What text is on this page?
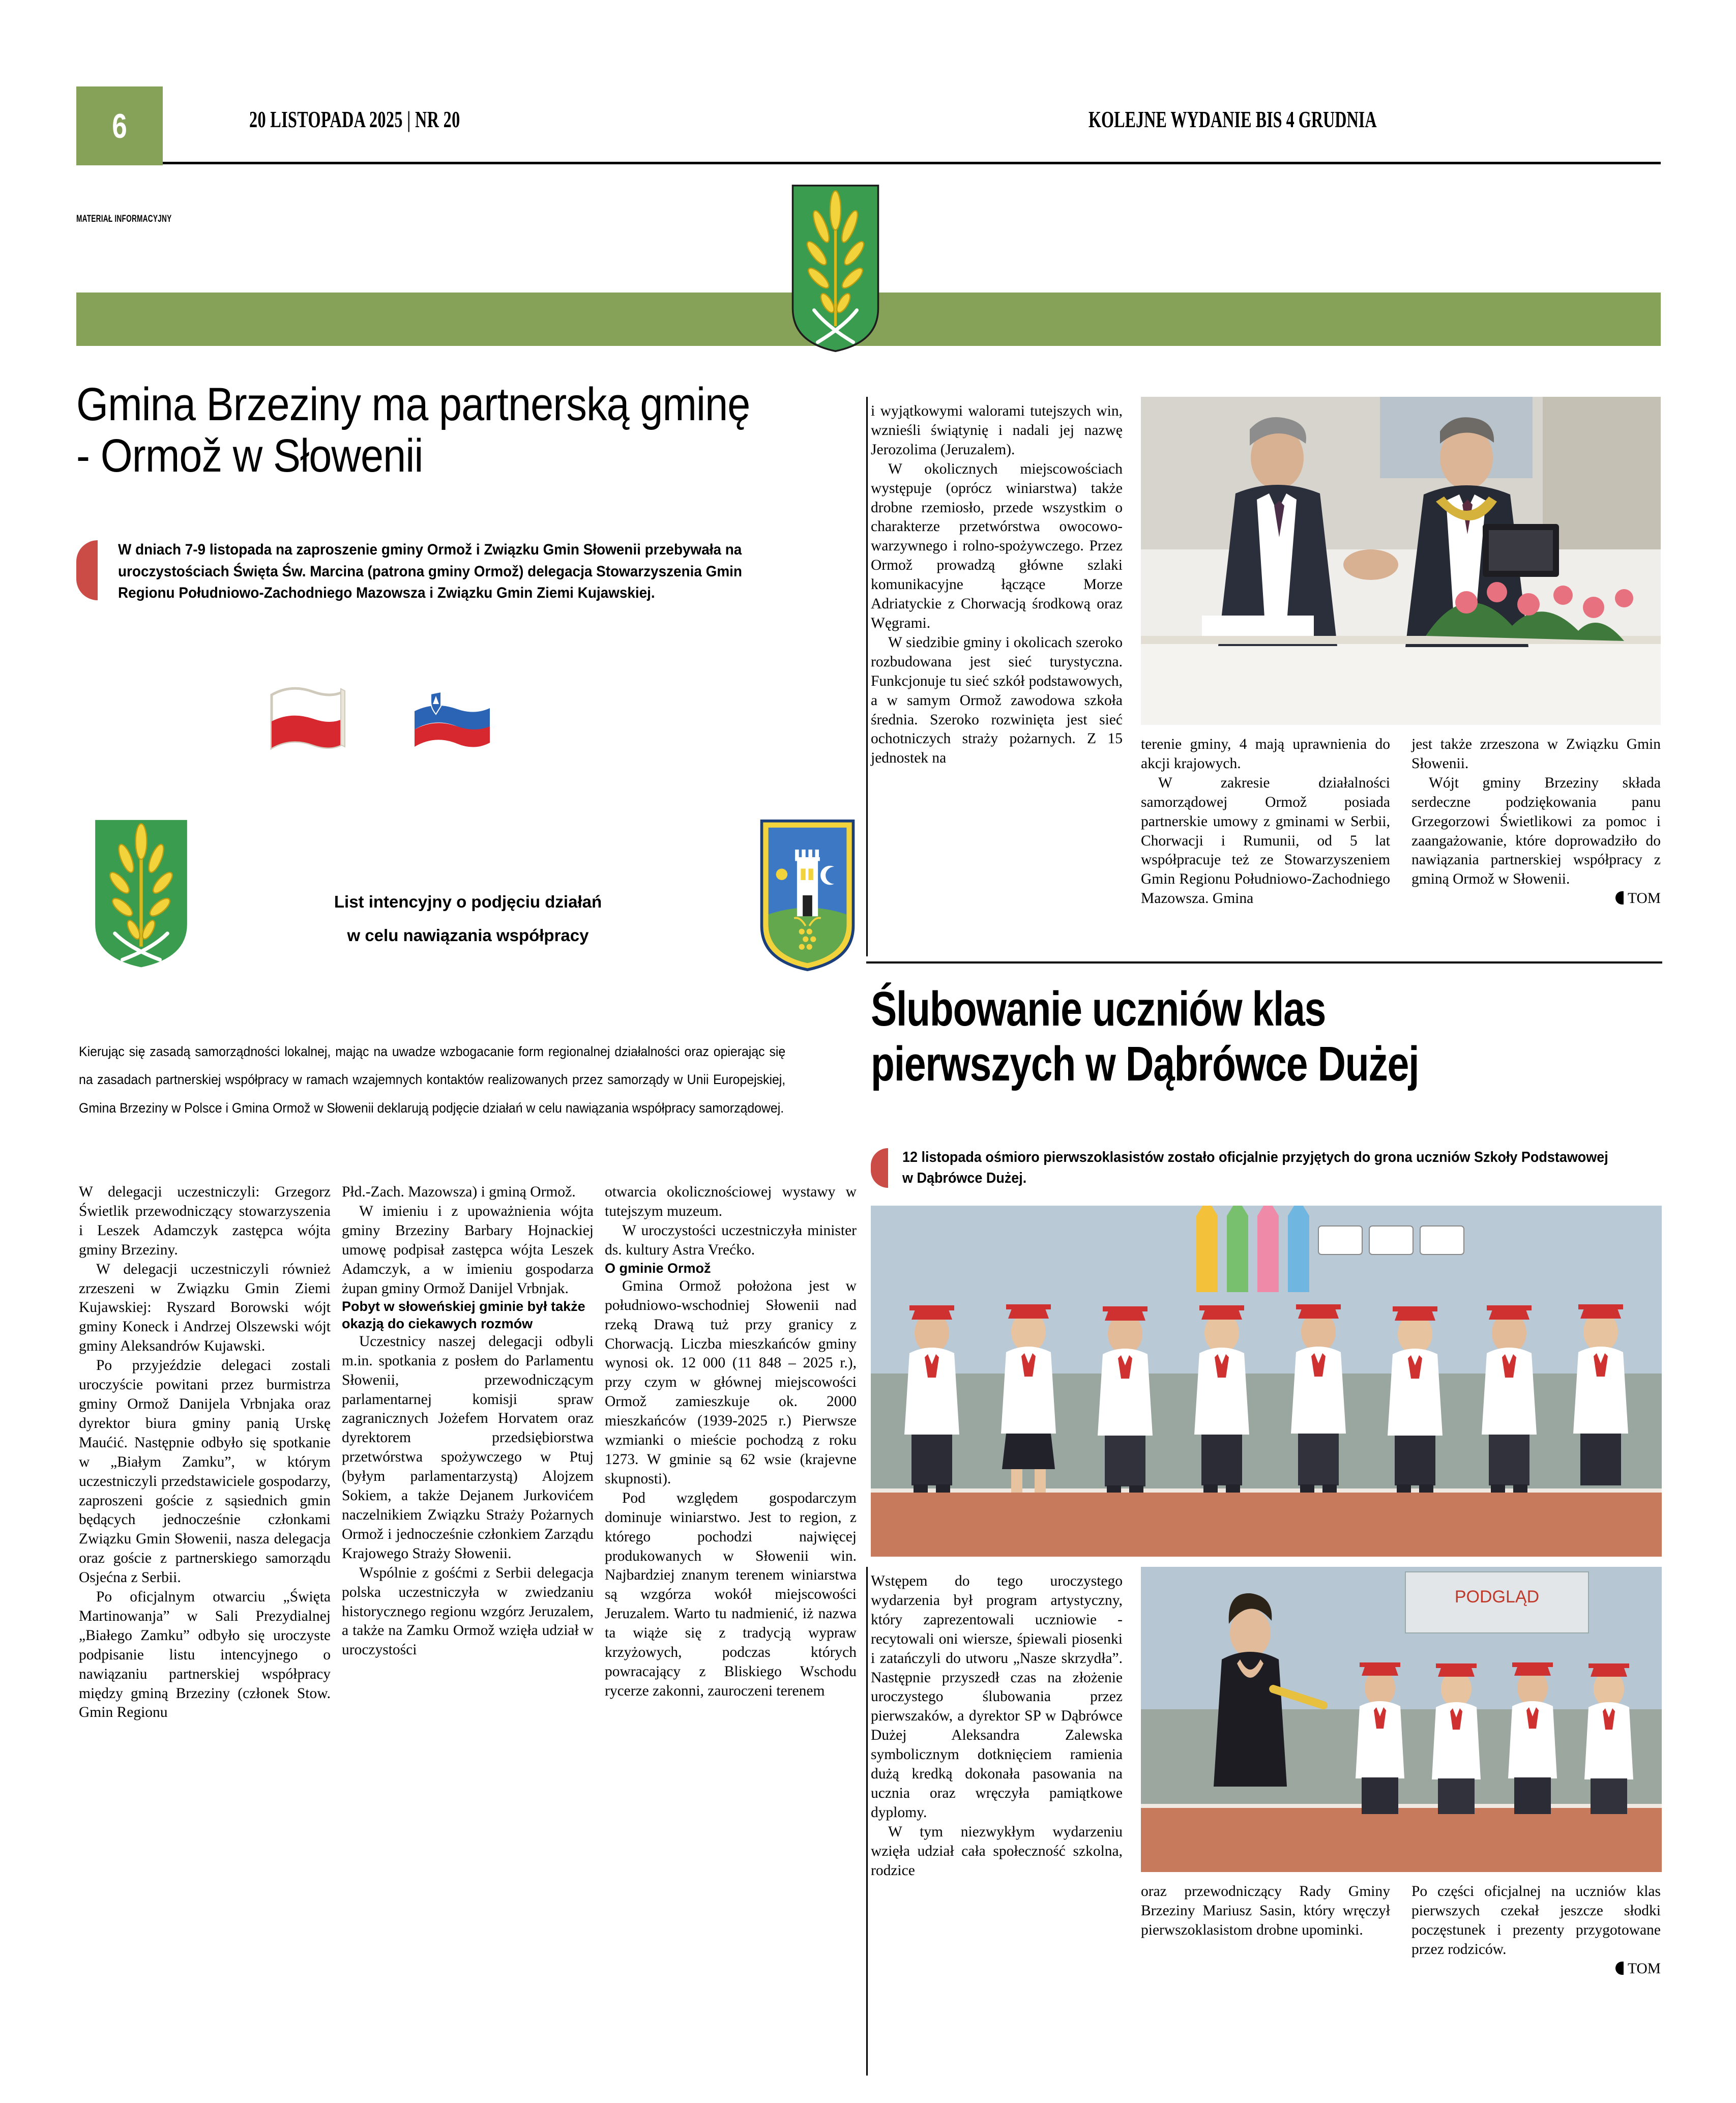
6	20 LISTOPADA 2025 | NR 20	KOLEJNE WYDANIE BIS 4 GRUDNIA
MATERIAŁ INFORMACYJNY
GMINA	BRZEZINY
Gmina Brzeziny ma partnerską gminę
- Ormož w Słowenii
W dniach 7-9 listopada na zaproszenie gminy Ormož i Związku Gmin Słowenii przebywała na uroczystościach Święta Św. Marcina (patrona gminy Ormož) delegacja Stowarzyszenia Gmin Regionu Południowo-Zachodniego Mazowsza i Związku Gmin Ziemi Kujawskiej.
List intencyjny o podjęciu działań
w celu nawiązania współpracy
Kierując się zasadą samorządności lokalnej, mając na uwadze wzbogacanie form regionalnej działalności oraz opierając się na zasadach partnerskiej współpracy w ramach wzajemnych kontaktów realizowanych przez samorządy w Unii Europejskiej, Gmina Brzeziny w Polsce i Gmina Ormož w Słowenii deklarują podjęcie działań w celu nawiązania współpracy samorządowej.

W delegacji uczestniczyli: Grzegorz Świetlik przewodniczący stowarzyszenia i Leszek Adamczyk zastępca wójta gminy Brzeziny.

W delegacji uczestniczyli również zrzeszeni w Związku Gmin Ziemi Kujawskiej: Ryszard Borowski wójt gminy Koneck i Andrzej Olszewski wójt gminy Aleksandrów Kujawski.

Po przyjeździe delegaci zostali uroczyście powitani przez burmistrza gminy Ormož Danijela Vrbnjaka oraz dyrektor biura gminy panią Urskę Maućić. Następnie odbyło się spotkanie w „Białym Zamku”, w którym uczestniczyli przedstawiciele gospodarzy, zaproszeni goście z sąsiednich gmin będących jednocześnie członkami Związku Gmin Słowenii, nasza delegacja oraz goście z partnerskiego samorządu Osjećna z Serbii.

Po oficjalnym otwarciu „Święta Martinowanja” w Sali Prezydialnej „Białego Zamku” odbyło się uroczyste podpisanie listu intencyjnego o nawiązaniu partnerskiej współpracy między gminą Brzeziny (członek Stow. Gmin Regionu

Płd.-Zach. Mazowsza) i gminą Ormož.

W imieniu i z upoważnienia wójta gminy Brzeziny Barbary Hojnackiej umowę podpisał zastępca wójta Leszek Adamczyk, a w imieniu gospodarza żupan gminy Ormož Danijel Vrbnjak.

Pobyt w słoweńskiej gminie był także okazją do ciekawych rozmów

Uczestnicy naszej delegacji odbyli m.in. spotkania z posłem do Parlamentu Słowenii, przewodniczącym parlamentarnej komisji spraw zagranicznych Jożefem Horvatem oraz dyrektorem przedsiębiorstwa przetwórstwa spożywczego w Ptuj (byłym parlamentarzystą) Alojzem Sokiem, a także Dejanem Jurkovićem naczelnikiem Związku Straży Pożarnych Ormož i jednocześnie członkiem Zarządu Krajowego Straży Słowenii.

Wspólnie z gośćmi z Serbii delegacja polska uczestniczyła w zwiedzaniu historycznego regionu wzgórz Jeruzalem, a także na Zamku Ormož wzięła udział w uroczystości

otwarcia okolicznościowej wystawy w tutejszym muzeum.

W uroczystości uczestniczyła minister ds. kultury Astra Vrećko.

O gminie Ormož

Gmina Ormož położona jest w południowo-wschodniej Słowenii nad rzeką Drawą tuż przy granicy z Chorwacją. Liczba mieszkańców gminy wynosi ok. 12 000 (11 848 – 2025 r.), przy czym w głównej miejscowości Ormož zamieszkuje ok. 2000 mieszkańców (1939-2025 r.) Pierwsze wzmianki o mieście pochodzą z roku 1273. W gminie są 62 wsie (krajevne skupnosti).

Pod względem gospodarczym dominuje winiarstwo. Jest to region, z którego pochodzi najwięcej produkowanych w Słowenii win. Najbardziej znanym terenem winiarstwa są wzgórza wokół miejscowości Jeruzalem. Warto tu nadmienić, iż nazwa ta wiąże się z tradycją wypraw krzyżowych, podczas których powracający z Bliskiego Wschodu rycerze zakonni, zauroczeni terenem

i wyjątkowymi walorami tutejszych win, wznieśli świątynię i nadali jej nazwę Jerozolima (Jeruzalem).

W okolicznych miejscowościach występuje (oprócz winiarstwa) także drobne rzemiosło, przede wszystkim o charakterze przetwórstwa owocowo-warzywnego i rolno-spożywczego. Przez Ormož prowadzą główne szlaki komunikacyjne łączące Morze Adriatyckie z Chorwacją środkową oraz Węgrami.

W siedzibie gminy i okolicach szeroko rozbudowana jest sieć turystyczna. Funkcjonuje tu sieć szkół podstawowych, a w samym Ormož zawodowa szkoła średnia. Szeroko rozwinięta jest sieć ochotniczych straży pożarnych. Z 15 jednostek na

terenie gminy, 4 mają uprawnienia do akcji krajowych.

W zakresie działalności samorządowej Ormož posiada partnerskie umowy z gminami w Serbii, Chorwacji i Rumunii, od 5 lat współpracuje też ze Stowarzyszeniem Gmin Regionu Południowo-Zachodniego Mazowsza. Gmina

jest także zrzeszona w Związku Gmin Słowenii.

Wójt gminy Brzeziny składa serdeczne podziękowania panu Grzegorzowi Świetlikowi za pomoc i zaangażowanie, które doprowadziło do nawiązania partnerskiej współpracy z gminą Ormož w Słowenii.

TOM

Ślubowanie uczniów klas
pierwszych w Dąbrówce Dużej
12 listopada ośmioro pierwszoklasistów zostało oficjalnie przyjętych do grona uczniów Szkoły Podstawowej w Dąbrówce Dużej.

Wstępem do tego uroczystego wydarzenia był program artystyczny, który zaprezentowali uczniowie - recytowali oni wiersze, śpiewali piosenki i zatańczyli do utworu „Nasze skrzydła”. Następnie przyszedł czas na złożenie uroczystego ślubowania przez pierwszaków, a dyrektor SP w Dąbrówce Dużej Aleksandra Zalewska symbolicznym dotknięciem ramienia dużą kredką dokonała pasowania na ucznia oraz wręczyła pamiątkowe dyplomy.

W tym niezwykłym wydarzeniu wzięła udział cała społeczność szkolna, rodzice

PODGLĄD

oraz przewodniczący Rady Gminy Brzeziny Mariusz Sasin, który wręczył pierwszoklasistom drobne upominki.

Po części oficjalnej na uczniów klas pierwszych czekał jeszcze słodki poczęstunek i prezenty przygotowane przez rodziców.

TOM
